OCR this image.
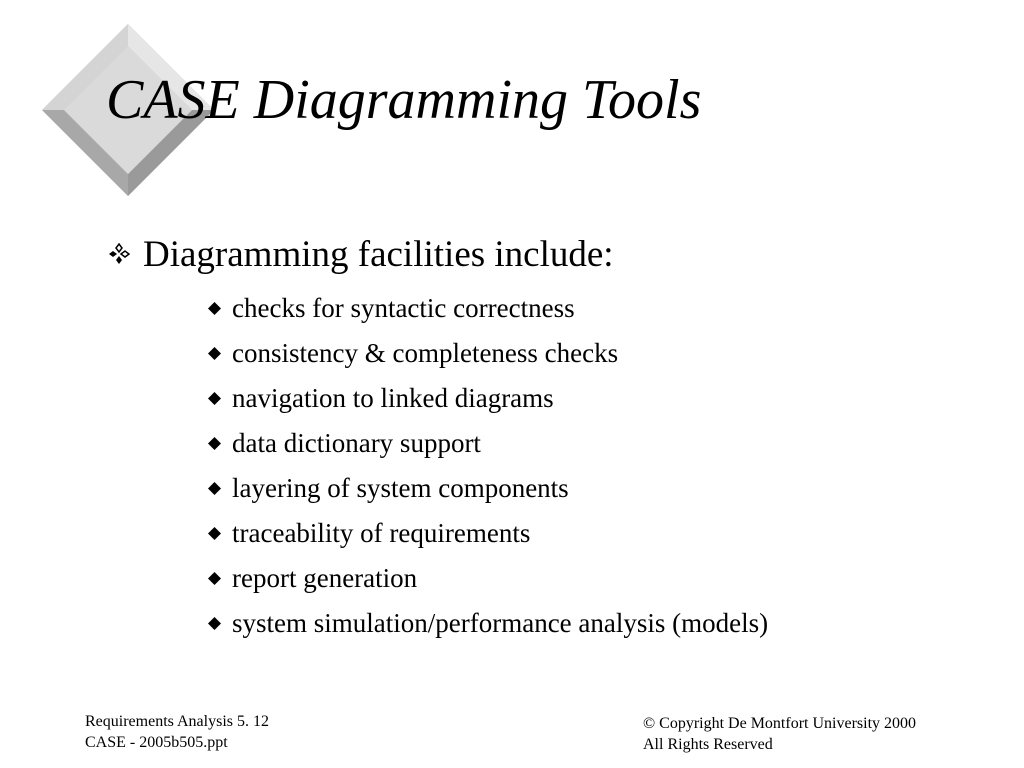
CASE Diagramming Tools
Diagramming facilities include:
checks for syntactic correctness
consistency & completeness checks
navigation to linked diagrams
data dictionary support
layering of system components
traceability of requirements
report generation
system simulation/performance analysis (models)
Requirements Analysis 5. 12
CASE - 2005b505.ppt
© Copyright De Montfort University 2000
All Rights Reserved
